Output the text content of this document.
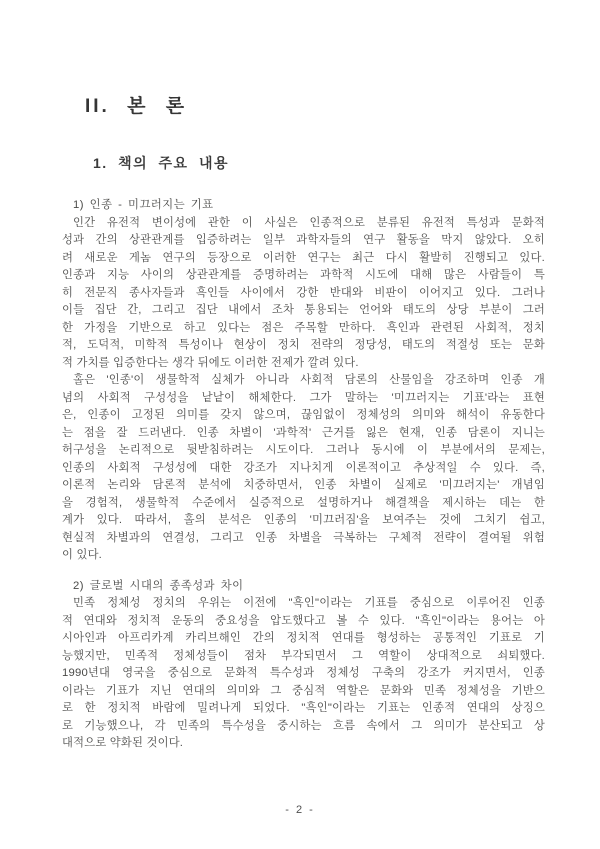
II. 본 론
1. 책의 주요 내용
1) 인종 - 미끄러지는 기표
인간 유전적 변이성에 관한 이 사실은 인종적으로 분류된 유전적 특성과 문화적
성과 간의 상관관계를 입증하려는 일부 과학자들의 연구 활동을 막지 않았다. 오히
려 새로운 게놈 연구의 등장으로 이러한 연구는 최근 다시 활발히 진행되고 있다.
인종과 지능 사이의 상관관계를 증명하려는 과학적 시도에 대해 많은 사람들이 특
히 전문직 종사자들과 흑인들 사이에서 강한 반대와 비판이 이어지고 있다. 그러나
이들 집단 간, 그리고 집단 내에서 조차 통용되는 언어와 태도의 상당 부분이 그러
한 가정을 기반으로 하고 있다는 점은 주목할 만하다. 흑인과 관련된 사회적, 정치
적, 도덕적, 미학적 특성이나 현상이 정치 전략의 정당성, 태도의 적절성 또는 문화
적 가치를 입증한다는 생각 뒤에도 이러한 전제가 깔려 있다.
홀은 '인종'이 생물학적 실체가 아니라 사회적 담론의 산물임을 강조하며 인종 개
념의 사회적 구성성을 낱낱이 해체한다. 그가 말하는 '미끄러지는 기표'라는 표현
은, 인종이 고정된 의미를 갖지 않으며, 끊임없이 정체성의 의미와 해석이 유동한다
는 점을 잘 드러낸다. 인종 차별이 '과학적' 근거를 잃은 현재, 인종 담론이 지니는
허구성을 논리적으로 뒷받침하려는 시도이다. 그러나 동시에 이 부분에서의 문제는,
인종의 사회적 구성성에 대한 강조가 지나치게 이론적이고 추상적일 수 있다. 즉,
이론적 논리와 담론적 분석에 치중하면서, 인종 차별이 실제로 '미끄러지는' 개념임
을 경험적, 생물학적 수준에서 실증적으로 설명하거나 해결책을 제시하는 데는 한
계가 있다. 따라서, 홀의 분석은 인종의 '미끄러짐'을 보여주는 것에 그치기 쉽고,
현실적 차별과의 연결성, 그리고 인종 차별을 극복하는 구체적 전략이 결여될 위험
이 있다.
2) 글로벌 시대의 종족성과 차이
민족 정체성 정치의 우위는 이전에 "흑인"이라는 기표를 중심으로 이루어진 인종
적 연대와 정치적 운동의 중요성을 압도했다고 볼 수 있다. "흑인"이라는 용어는 아
시아인과 아프리카계 카리브해인 간의 정치적 연대를 형성하는 공통적인 기표로 기
능했지만, 민족적 정체성들이 점차 부각되면서 그 역할이 상대적으로 쇠퇴했다.
1990년대 영국을 중심으로 문화적 특수성과 정체성 구축의 강조가 커지면서, 인종
이라는 기표가 지닌 연대의 의미와 그 중심적 역할은 문화와 민족 정체성을 기반으
로 한 정치적 바람에 밀려나게 되었다. "흑인"이라는 기표는 인종적 연대의 상징으
로 기능했으나, 각 민족의 특수성을 중시하는 흐름 속에서 그 의미가 분산되고 상
대적으로 약화된 것이다.
- 2 -
